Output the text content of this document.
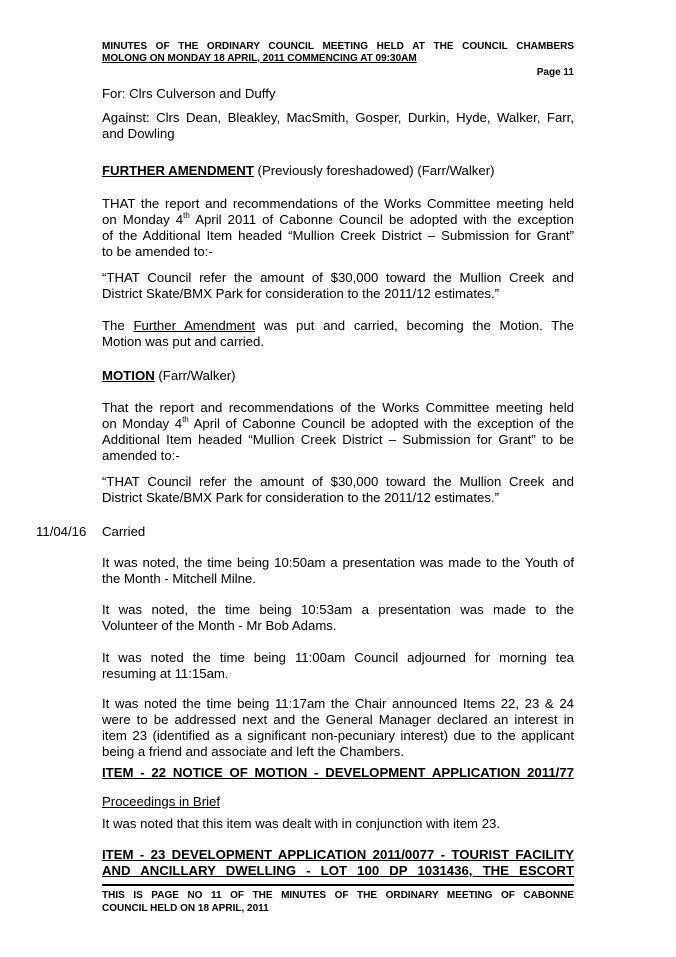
MINUTES OF THE ORDINARY COUNCIL MEETING HELD AT THE COUNCIL CHAMBERS
MOLONG ON MONDAY 18 APRIL, 2011 COMMENCING AT 09:30AM
Page 11
For: Clrs Culverson and Duffy
Against: Clrs Dean, Bleakley, MacSmith, Gosper, Durkin, Hyde, Walker, Farr,
and Dowling
FURTHER AMENDMENT (Previously foreshadowed) (Farr/Walker)
THAT the report and recommendations of the Works Committee meeting held
on Monday 4th April 2011 of Cabonne Council be adopted with the exception
of the Additional Item headed “Mullion Creek District – Submission for Grant”
to be amended to:-
“THAT Council refer the amount of $30,000 toward the Mullion Creek and
District Skate/BMX Park for consideration to the 2011/12 estimates.”
The Further Amendment was put and carried, becoming the Motion. The
Motion was put and carried.
MOTION (Farr/Walker)
That the report and recommendations of the Works Committee meeting held
on Monday 4th April of Cabonne Council be adopted with the exception of the
Additional Item headed “Mullion Creek District – Submission for Grant” to be
amended to:-
“THAT Council refer the amount of $30,000 toward the Mullion Creek and
District Skate/BMX Park for consideration to the 2011/12 estimates.”
11/04/16 Carried
It was noted, the time being 10:50am a presentation was made to the Youth of
the Month - Mitchell Milne.
It was noted, the time being 10:53am a presentation was made to the
Volunteer of the Month - Mr Bob Adams.
It was noted the time being 11:00am Council adjourned for morning tea
resuming at 11:15am.
It was noted the time being 11:17am the Chair announced Items 22, 23 & 24
were to be addressed next and the General Manager declared an interest in
item 23 (identified as a significant non-pecuniary interest) due to the applicant
being a friend and associate and left the Chambers.
ITEM - 22 NOTICE OF MOTION - DEVELOPMENT APPLICATION 2011/77
Proceedings in Brief
It was noted that this item was dealt with in conjunction with item 23.
ITEM - 23 DEVELOPMENT APPLICATION 2011/0077 - TOURIST FACILITY
AND ANCILLARY DWELLING - LOT 100 DP 1031436, THE ESCORT
THIS IS PAGE NO 11 OF THE MINUTES OF THE ORDINARY MEETING OF CABONNE
COUNCIL HELD ON 18 APRIL, 2011
